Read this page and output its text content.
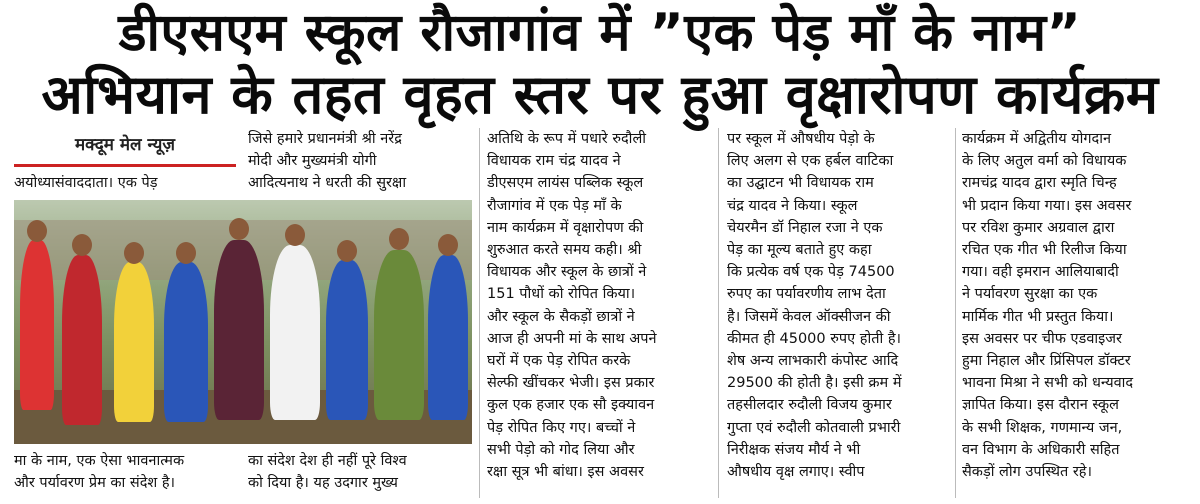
डीएसएम स्कूल रौजागांव में ”एक पेड़ माँ के नाम”
अभियान के तहत वृहत स्तर पर हुआ वृक्षारोपण कार्यक्रम
मक्दूम मेल न्यूज़
अयोध्यासंवाददाता। एक पेड़
जिसे हमारे प्रधानमंत्री श्री नरेंद्र
मोदी और मुख्यमंत्री योगी
आदित्यनाथ ने धरती की सुरक्षा
मा के नाम, एक ऐसा भावनात्मक
और पर्यावरण प्रेम का संदेश है।
का संदेश देश ही नहीं पूरे विश्व
को दिया है। यह उदगार मुख्य
अतिथि के रूप में पधारे रुदौली
विधायक राम चंद्र यादव ने
डीएसएम लायंस पब्लिक स्कूल
रौजागांव में एक पेड़ माँ के
नाम कार्यक्रम में वृक्षारोपण की
शुरुआत करते समय कही। श्री
विधायक और स्कूल के छात्रों ने
151 पौधों को रोपित किया।
और स्कूल के सैकड़ों छात्रों ने
आज ही अपनी मां के साथ अपने
घरों में एक पेड़ रोपित करके
सेल्फी खींचकर भेजी। इस प्रकार
कुल एक हजार एक सौ इक्यावन
पेड़ रोपित किए गए। बच्चों ने
सभी पेड़ो को गोद लिया और
रक्षा सूत्र भी बांधा। इस अवसर
पर स्कूल में औषधीय पेड़ो के
लिए अलग से एक हर्बल वाटिका
का उद्घाटन भी विधायक राम
चंद्र यादव ने किया। स्कूल
चेयरमैन डॉ निहाल रजा ने एक
पेड़ का मूल्य बताते हुए कहा
कि प्रत्येक वर्ष एक पेड़ 74500
रुपए का पर्यावरणीय लाभ देता
है। जिसमें केवल ऑक्सीजन की
कीमत ही 45000 रुपए होती है।
शेष अन्य लाभकारी कंपोस्ट आदि
29500 की होती है। इसी क्रम में
तहसीलदार रुदौली विजय कुमार
गुप्ता एवं रुदौली कोतवाली प्रभारी
निरीक्षक संजय मौर्य ने भी
औषधीय वृक्ष लगाए। स्वीप
कार्यक्रम में अद्वितीय योगदान
के लिए अतुल वर्मा को विधायक
रामचंद्र यादव द्वारा स्मृति चिन्ह
भी प्रदान किया गया। इस अवसर
पर रविश कुमार अग्रवाल द्वारा
रचित एक गीत भी रिलीज किया
गया। वही इमरान आलियाबादी
ने पर्यावरण सुरक्षा का एक
मार्मिक गीत भी प्रस्तुत किया।
इस अवसर पर चीफ एडवाइजर
हुमा निहाल और प्रिंसिपल डॉक्टर
भावना मिश्रा ने सभी को धन्यवाद
ज्ञापित किया। इस दौरान स्कूल
के सभी शिक्षक, गणमान्य जन,
वन विभाग के अधिकारी सहित
सैकड़ों लोग उपस्थित रहे।
